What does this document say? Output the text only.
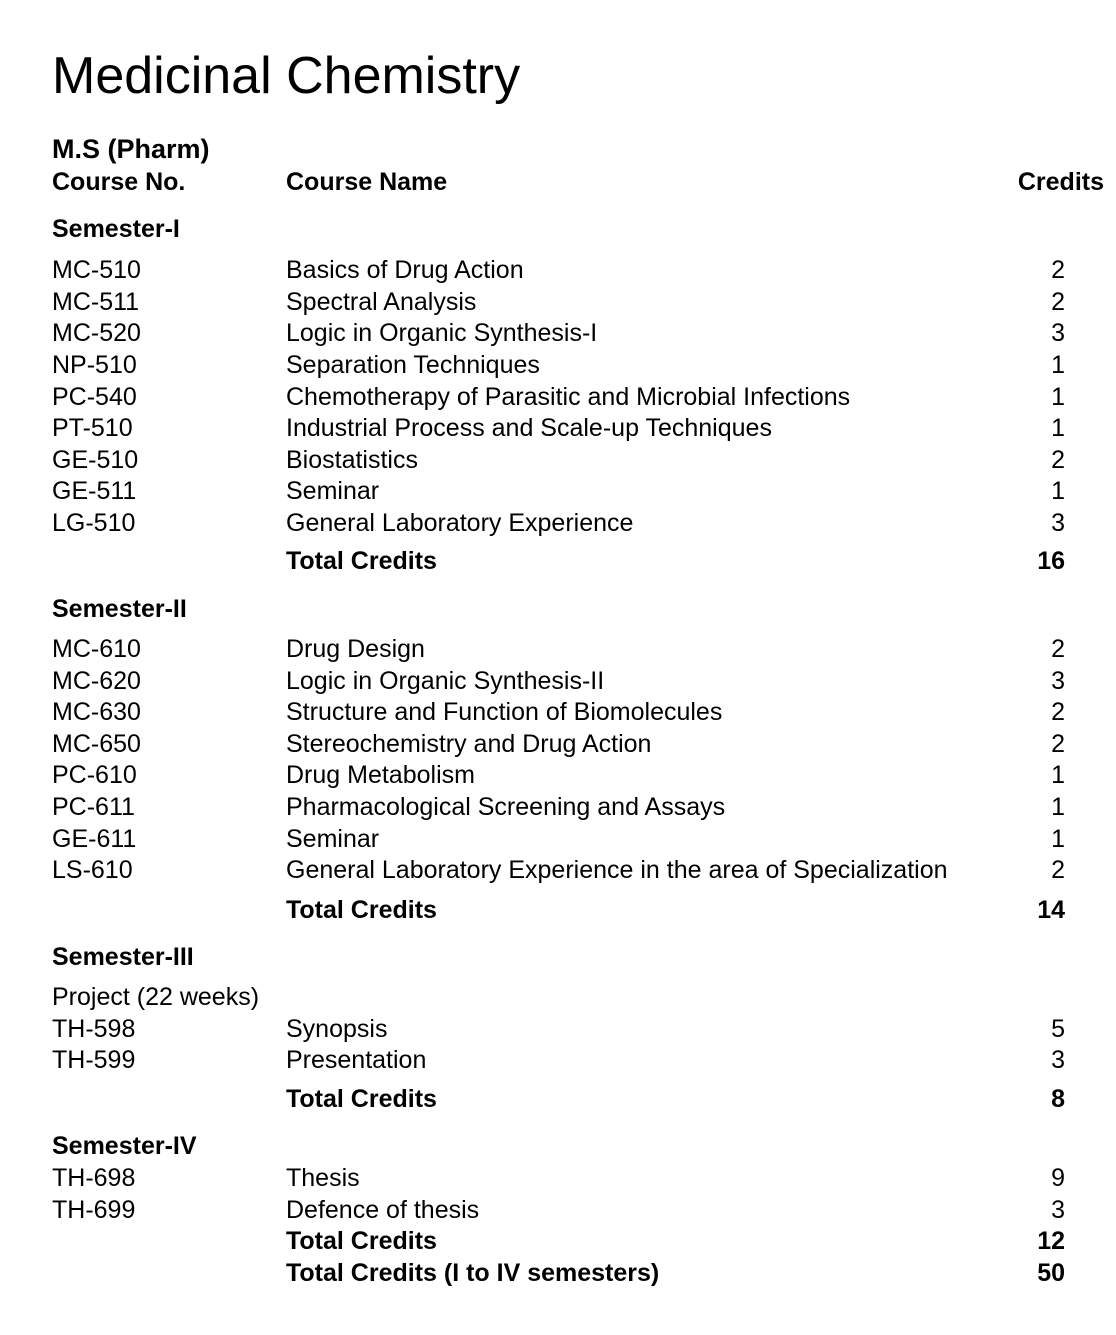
Medicinal Chemistry
M.S (Pharm)
Course No.	Course Name	Credits
Semester-I
MC-510	Basics of Drug Action	2
MC-511	Spectral Analysis	2
MC-520	Logic in Organic Synthesis-I	3
NP-510	Separation Techniques	1
PC-540	Chemotherapy of Parasitic and Microbial Infections	1
PT-510	Industrial Process and Scale-up Techniques	1
GE-510	Biostatistics	2
GE-511	Seminar	1
LG-510	General Laboratory Experience	3
Total Credits	16
Semester-II
MC-610	Drug Design	2
MC-620	Logic in Organic Synthesis-II	3
MC-630	Structure and Function of Biomolecules	2
MC-650	Stereochemistry and Drug Action	2
PC-610	Drug Metabolism	1
PC-611	Pharmacological Screening and Assays	1
GE-611	Seminar	1
LS-610	General Laboratory Experience in the area of Specialization	2
Total Credits	14
Semester-III
Project (22 weeks)
TH-598	Synopsis	5
TH-599	Presentation	3
Total Credits	8
Semester-IV
TH-698	Thesis	9
TH-699	Defence of thesis	3
Total Credits	12
Total Credits (I to IV semesters)	50
